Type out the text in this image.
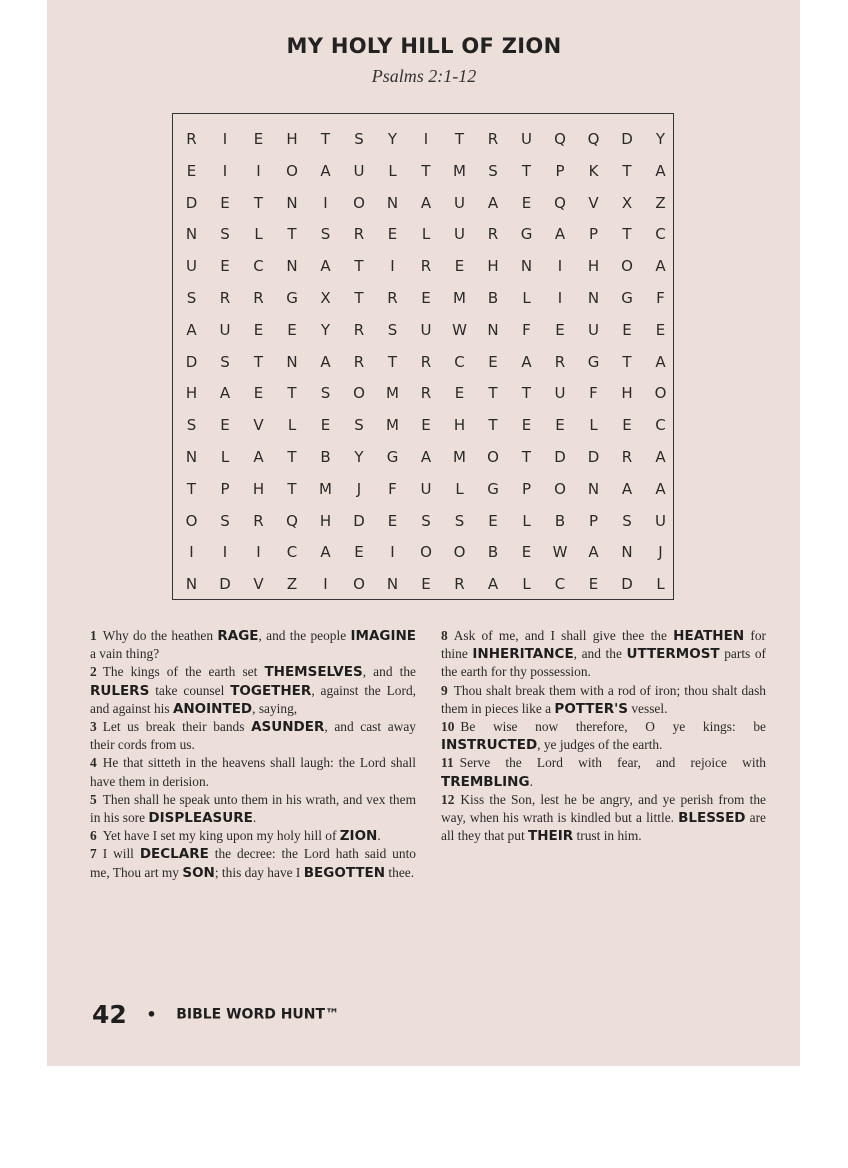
MY HOLY HILL OF ZION
Psalms 2:1-12
R	I	E	H	T	S	Y	I	T	R	U	Q	Q	D	Y
E	I	I	O	A	U	L	T	M	S	T	P	K	T	A
D	E	T	N	I	O	N	A	U	A	E	Q	V	X	Z
N	S	L	T	S	R	E	L	U	R	G	A	P	T	C
U	E	C	N	A	T	I	R	E	H	N	I	H	O	A
S	R	R	G	X	T	R	E	M	B	L	I	N	G	F
A	U	E	E	Y	R	S	U	W	N	F	E	U	E	E
D	S	T	N	A	R	T	R	C	E	A	R	G	T	A
H	A	E	T	S	O	M	R	E	T	T	U	F	H	O
S	E	V	L	E	S	M	E	H	T	E	E	L	E	C
N	L	A	T	B	Y	G	A	M	O	T	D	D	R	A
T	P	H	T	M	J	F	U	L	G	P	O	N	A	A
O	S	R	Q	H	D	E	S	S	E	L	B	P	S	U
I	I	I	C	A	E	I	O	O	B	E	W	A	N	J
N	D	V	Z	I	O	N	E	R	A	L	C	E	D	L

1 Why do the heathen RAGE, and the people IMAGINE a vain thing?

2 The kings of the earth set THEMSELVES, and the RULERS take counsel TOGETHER, against the Lord, and against his ANOINTED, saying,

3 Let us break their bands ASUNDER, and cast away their cords from us.

4 He that sitteth in the heavens shall laugh: the Lord shall have them in derision.

5 Then shall he speak unto them in his wrath, and vex them in his sore DISPLEASURE.

6 Yet have I set my king upon my holy hill of ZION.

7 I will DECLARE the decree: the Lord hath said unto me, Thou art my SON; this day have I BEGOTTEN thee.

8 Ask of me, and I shall give thee the HEATHEN for thine INHERITANCE, and the UTTERMOST parts of the earth for thy possession.

9 Thou shalt break them with a rod of iron; thou shalt dash them in pieces like a POTTER'S vessel.

10 Be wise now therefore, O ye kings: be INSTRUCTED, ye judges of the earth.

11 Serve the Lord with fear, and rejoice with TREMBLING.

12 Kiss the Son, lest he be angry, and ye perish from the way, when his wrath is kindled but a little. BLESSED are all they that put THEIR trust in him.

42 • BIBLE WORD HUNT™
